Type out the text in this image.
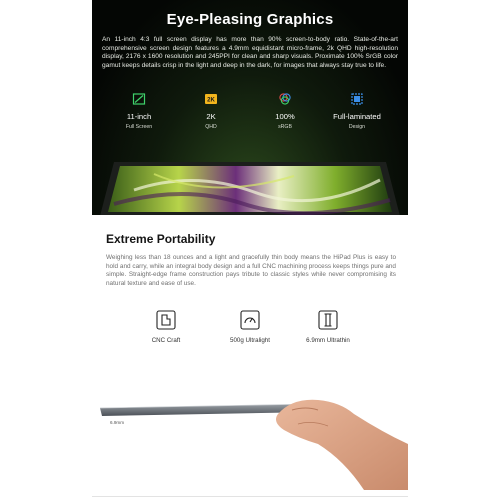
Eye-Pleasing Graphics
An 11-inch 4:3 full screen display has more than 90% screen-to-body ratio. State-of-the-art comprehensive screen design features a 4.9mm equidistant micro-frame, 2k QHD high-resolution display, 2176 x 1600 resolution and 245PPI for clean and sharp visuals. Proximate 100% SrGB color gamut keeps details crisp in the light and deep in the dark, for images that always stay true to life.
11-inch
Full Screen
2K
2K
QHD
100%
sRGB
Full-laminated
Design
Extreme Portability
Weighing less than 18 ounces and a light and gracefully thin body means the HiPad Plus is easy to hold and carry, while an integral body design and a full CNC machining process keeps things pure and simple. Straight-edge frame construction pays tribute to classic styles while never compromising its natural texture and ease of use.
CNC Craft	500g Ultralight	6.9mm Ultrathin
6.9mm
